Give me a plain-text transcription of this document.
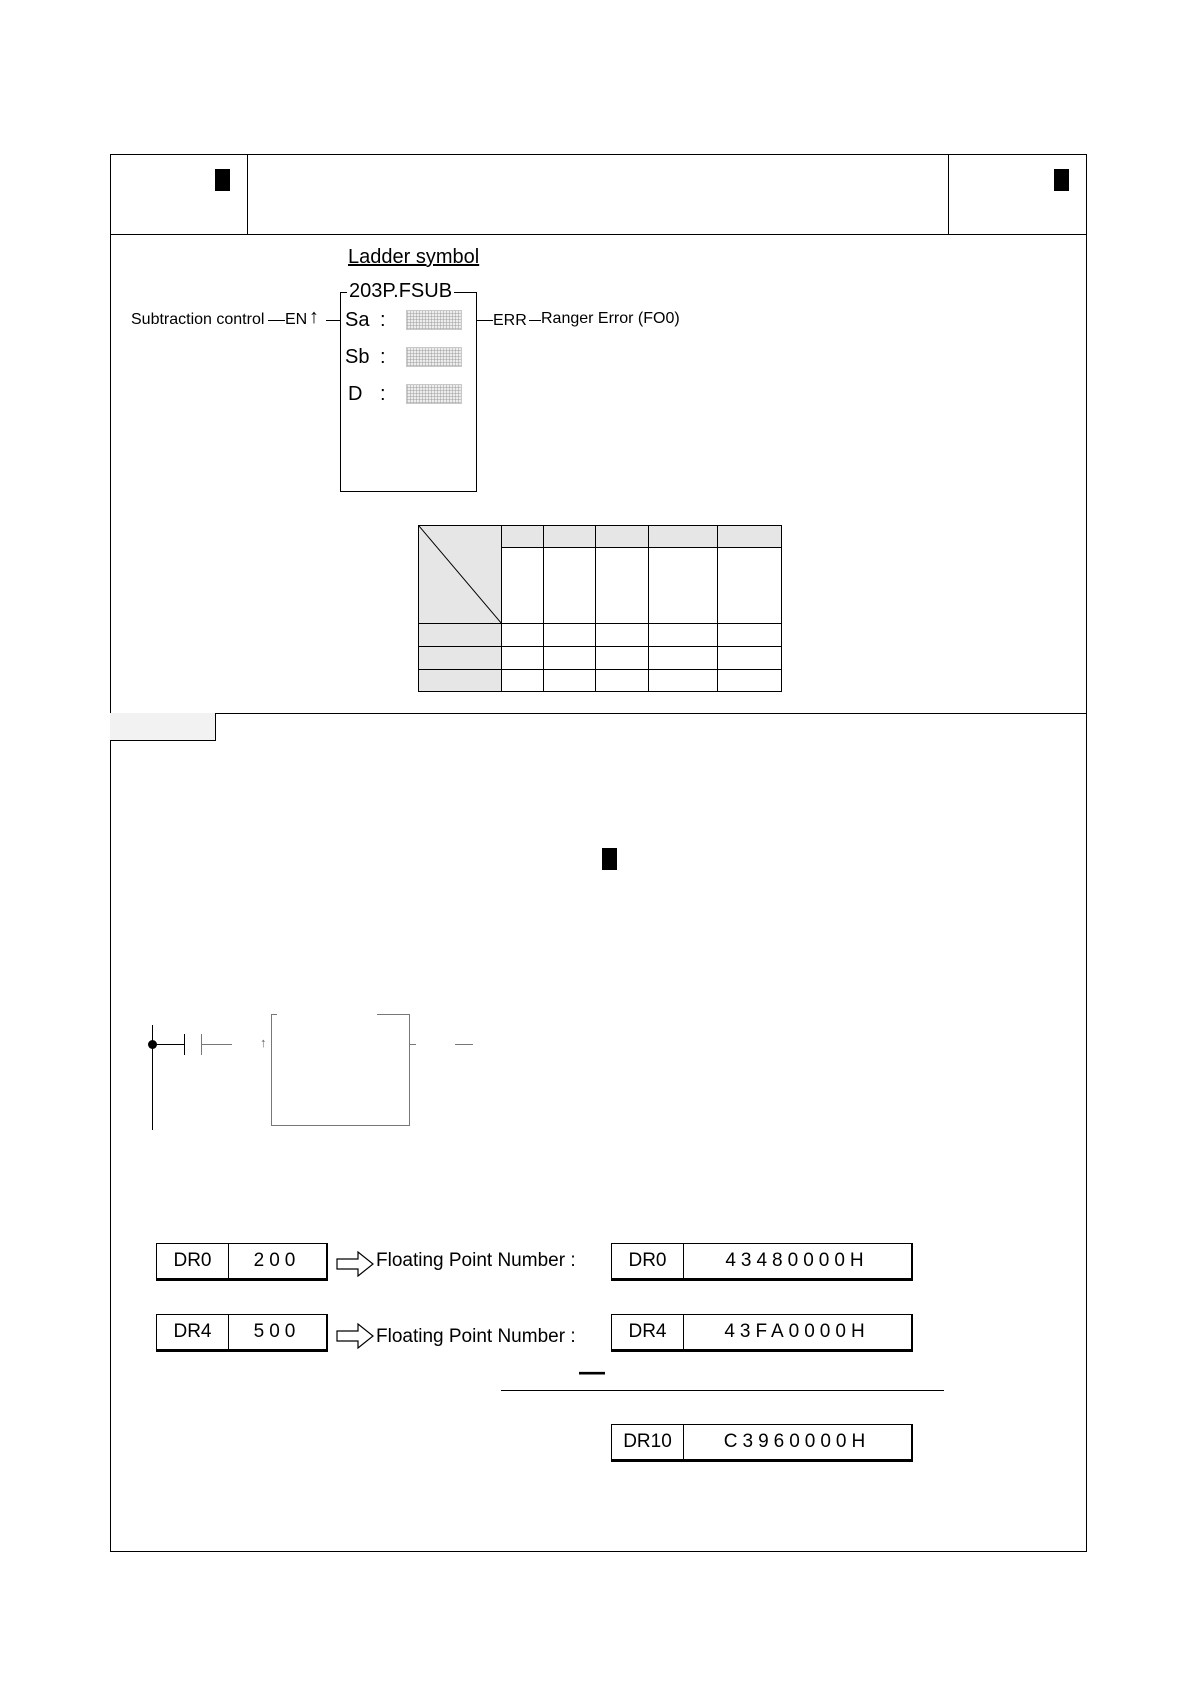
Ladder symbol
203P.FSUB
Subtraction control EN ↑ Sa :
Sb :
D :
ERR Ranger Error (FO0)

↑
DR0	200	Floating Point Number :	DR0	43480000H
DR4	500	Floating Point Number :	DR4	43FA0000H
—
DR10	C3960000H
